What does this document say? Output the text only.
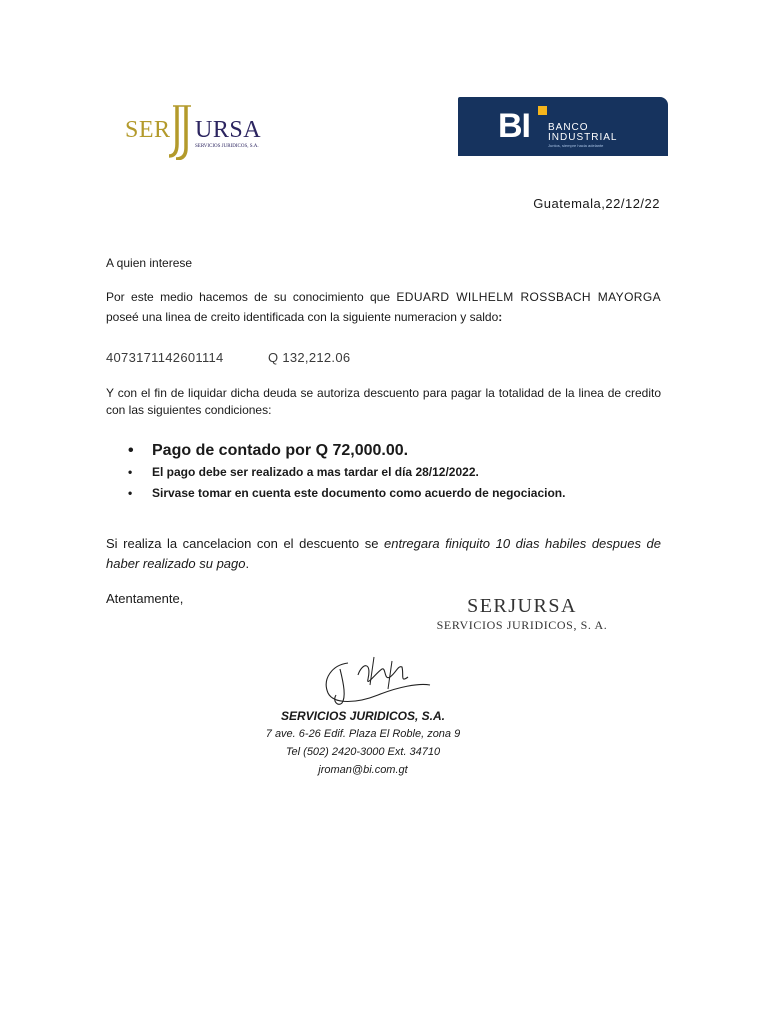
SER URSA
SERVICIOS JURIDICOS, S.A.
BI BANCO
INDUSTRIAL
Juntos, siempre hacia adelante
Guatemala,22/12/22
A quien interese
Por este medio hacemos de su conocimiento que EDUARD WILHELM ROSSBACH MAYORGA poseé una linea de creito identificada con la siguiente numeracion y saldo:
4073171142601114	Q 132,212.06
Y con el fin de liquidar dicha deuda se autoriza descuento para pagar la totalidad de la linea de credito con las siguientes condiciones:
• Pago de contado por Q 72,000.00.
• El pago debe ser realizado a mas tardar el día 28/12/2022.
• Sirvase tomar en cuenta este documento como acuerdo de negociacion.
Si realiza la cancelacion con el descuento se entregara finiquito 10 dias habiles despues de haber realizado su pago.
Atentamente,	SERJURSA
SERVICIOS JURIDICOS, S. A.
SERVICIOS JURIDICOS, S.A.
7 ave. 6-26 Edif. Plaza El Roble, zona 9
Tel (502) 2420-3000 Ext. 34710
jroman@bi.com.gt
